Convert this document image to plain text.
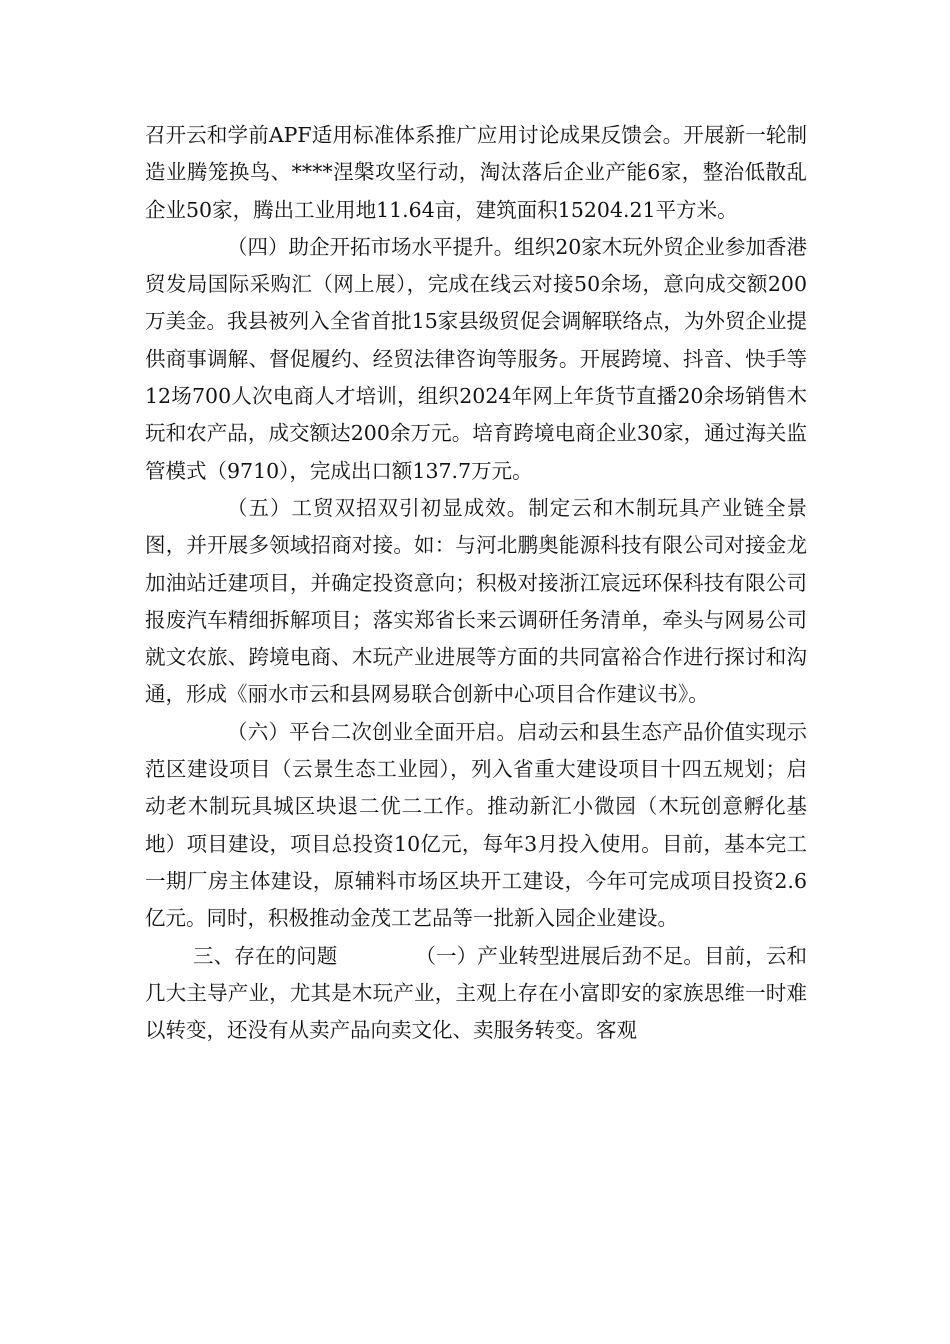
召开云和学前APF适用标准体系推广应用讨论成果反馈会。开展新一轮制造业腾笼换鸟、****涅槃攻坚行动，淘汰落后企业产能6家，整治低散乱企业50家，腾出工业用地11.64亩，建筑面积15204.21平方米。

（四）助企开拓市场水平提升。组织20家木玩外贸企业参加香港贸发局国际采购汇（网上展），完成在线云对接50余场，意向成交额200万美金。我县被列入全省首批15家县级贸促会调解联络点，为外贸企业提供商事调解、督促履约、经贸法律咨询等服务。开展跨境、抖音、快手等12场700人次电商人才培训，组织2024年网上年货节直播20余场销售木玩和农产品，成交额达200余万元。培育跨境电商企业30家，通过海关监管模式（9710），完成出口额137.7万元。

（五）工贸双招双引初显成效。制定云和木制玩具产业链全景图，并开展多领域招商对接。如：与河北鹏奥能源科技有限公司对接金龙加油站迁建项目，并确定投资意向；积极对接浙江宸远环保科技有限公司报废汽车精细拆解项目；落实郑省长来云调研任务清单，牵头与网易公司就文农旅、跨境电商、木玩产业进展等方面的共同富裕合作进行探讨和沟通，形成《丽水市云和县网易联合创新中心项目合作建议书》。

（六）平台二次创业全面开启。启动云和县生态产品价值实现示范区建设项目（云景生态工业园），列入省重大建设项目十四五规划；启动老木制玩具城区块退二优二工作。推动新汇小微园（木玩创意孵化基地）项目建设，项目总投资10亿元，每年3月投入使用。目前，基本完工一期厂房主体建设，原辅料市场区块开工建设，今年可完成项目投资2.6亿元。同时，积极推动金茂工艺品等一批新入园企业建设。

三、存在的问题	（一）产业转型进展后劲不足。目前，云和几大主导产业，尤其是木玩产业，主观上存在小富即安的家族思维一时难以转变，还没有从卖产品向卖文化、卖服务转变。客观
